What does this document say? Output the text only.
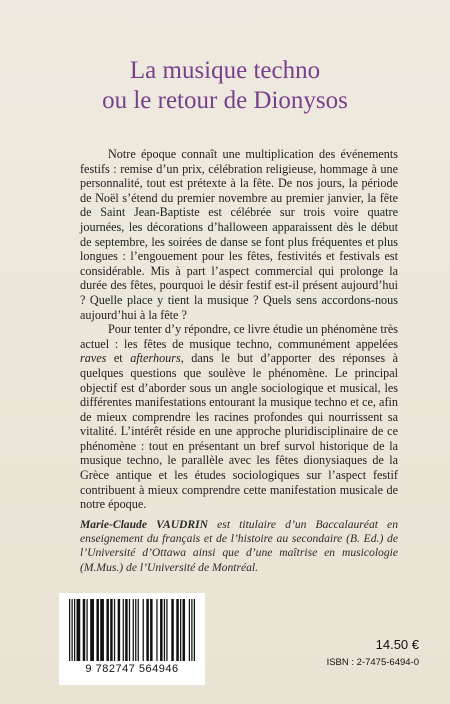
La musique techno
ou le retour de Dionysos

Notre époque connaît une multiplication des événements festifs : remise d’un prix, célébration religieuse, hommage à une personnalité, tout est prétexte à la fête. De nos jours, la période de Noël s’étend du premier novembre au premier janvier, la fête de Saint Jean-Baptiste est célébrée sur trois voire quatre journées, les décorations d’halloween apparaissent dès le début de septembre, les soirées de danse se font plus fréquentes et plus longues : l’engouement pour les fêtes, festivités et festivals est considérable. Mis à part l’aspect commercial qui prolonge la durée des fêtes, pourquoi le désir festif est-il présent aujourd’hui ? Quelle place y tient la musique ? Quels sens accordons-nous aujourd’hui à la fête ?

Pour tenter d’y répondre, ce livre étudie un phénomène très actuel : les fêtes de musique techno, communément appelées raves et afterhours, dans le but d’apporter des réponses à quelques questions que soulève le phénomène. Le principal objectif est d’aborder sous un angle sociologique et musical, les différentes manifestations entourant la musique techno et ce, afin de mieux comprendre les racines profondes qui nourrissent sa vitalité. L’intérêt réside en une approche pluridisciplinaire de ce phénomène : tout en présentant un bref survol historique de la musique techno, le parallèle avec les fêtes dionysiaques de la Grèce antique et les études sociologiques sur l’aspect festif contribuent à mieux comprendre cette manifestation musicale de notre époque.

Marie-Claude VAUDRIN est titulaire d’un Baccalauréat en enseignement du français et de l’histoire au secondaire (B. Ed.) de l’Université d’Ottawa ainsi que d’une maîtrise en musicologie (M.Mus.) de l’Université de Montréal.
9 782747 564946
14.50 €
ISBN : 2-7475-6494-0
